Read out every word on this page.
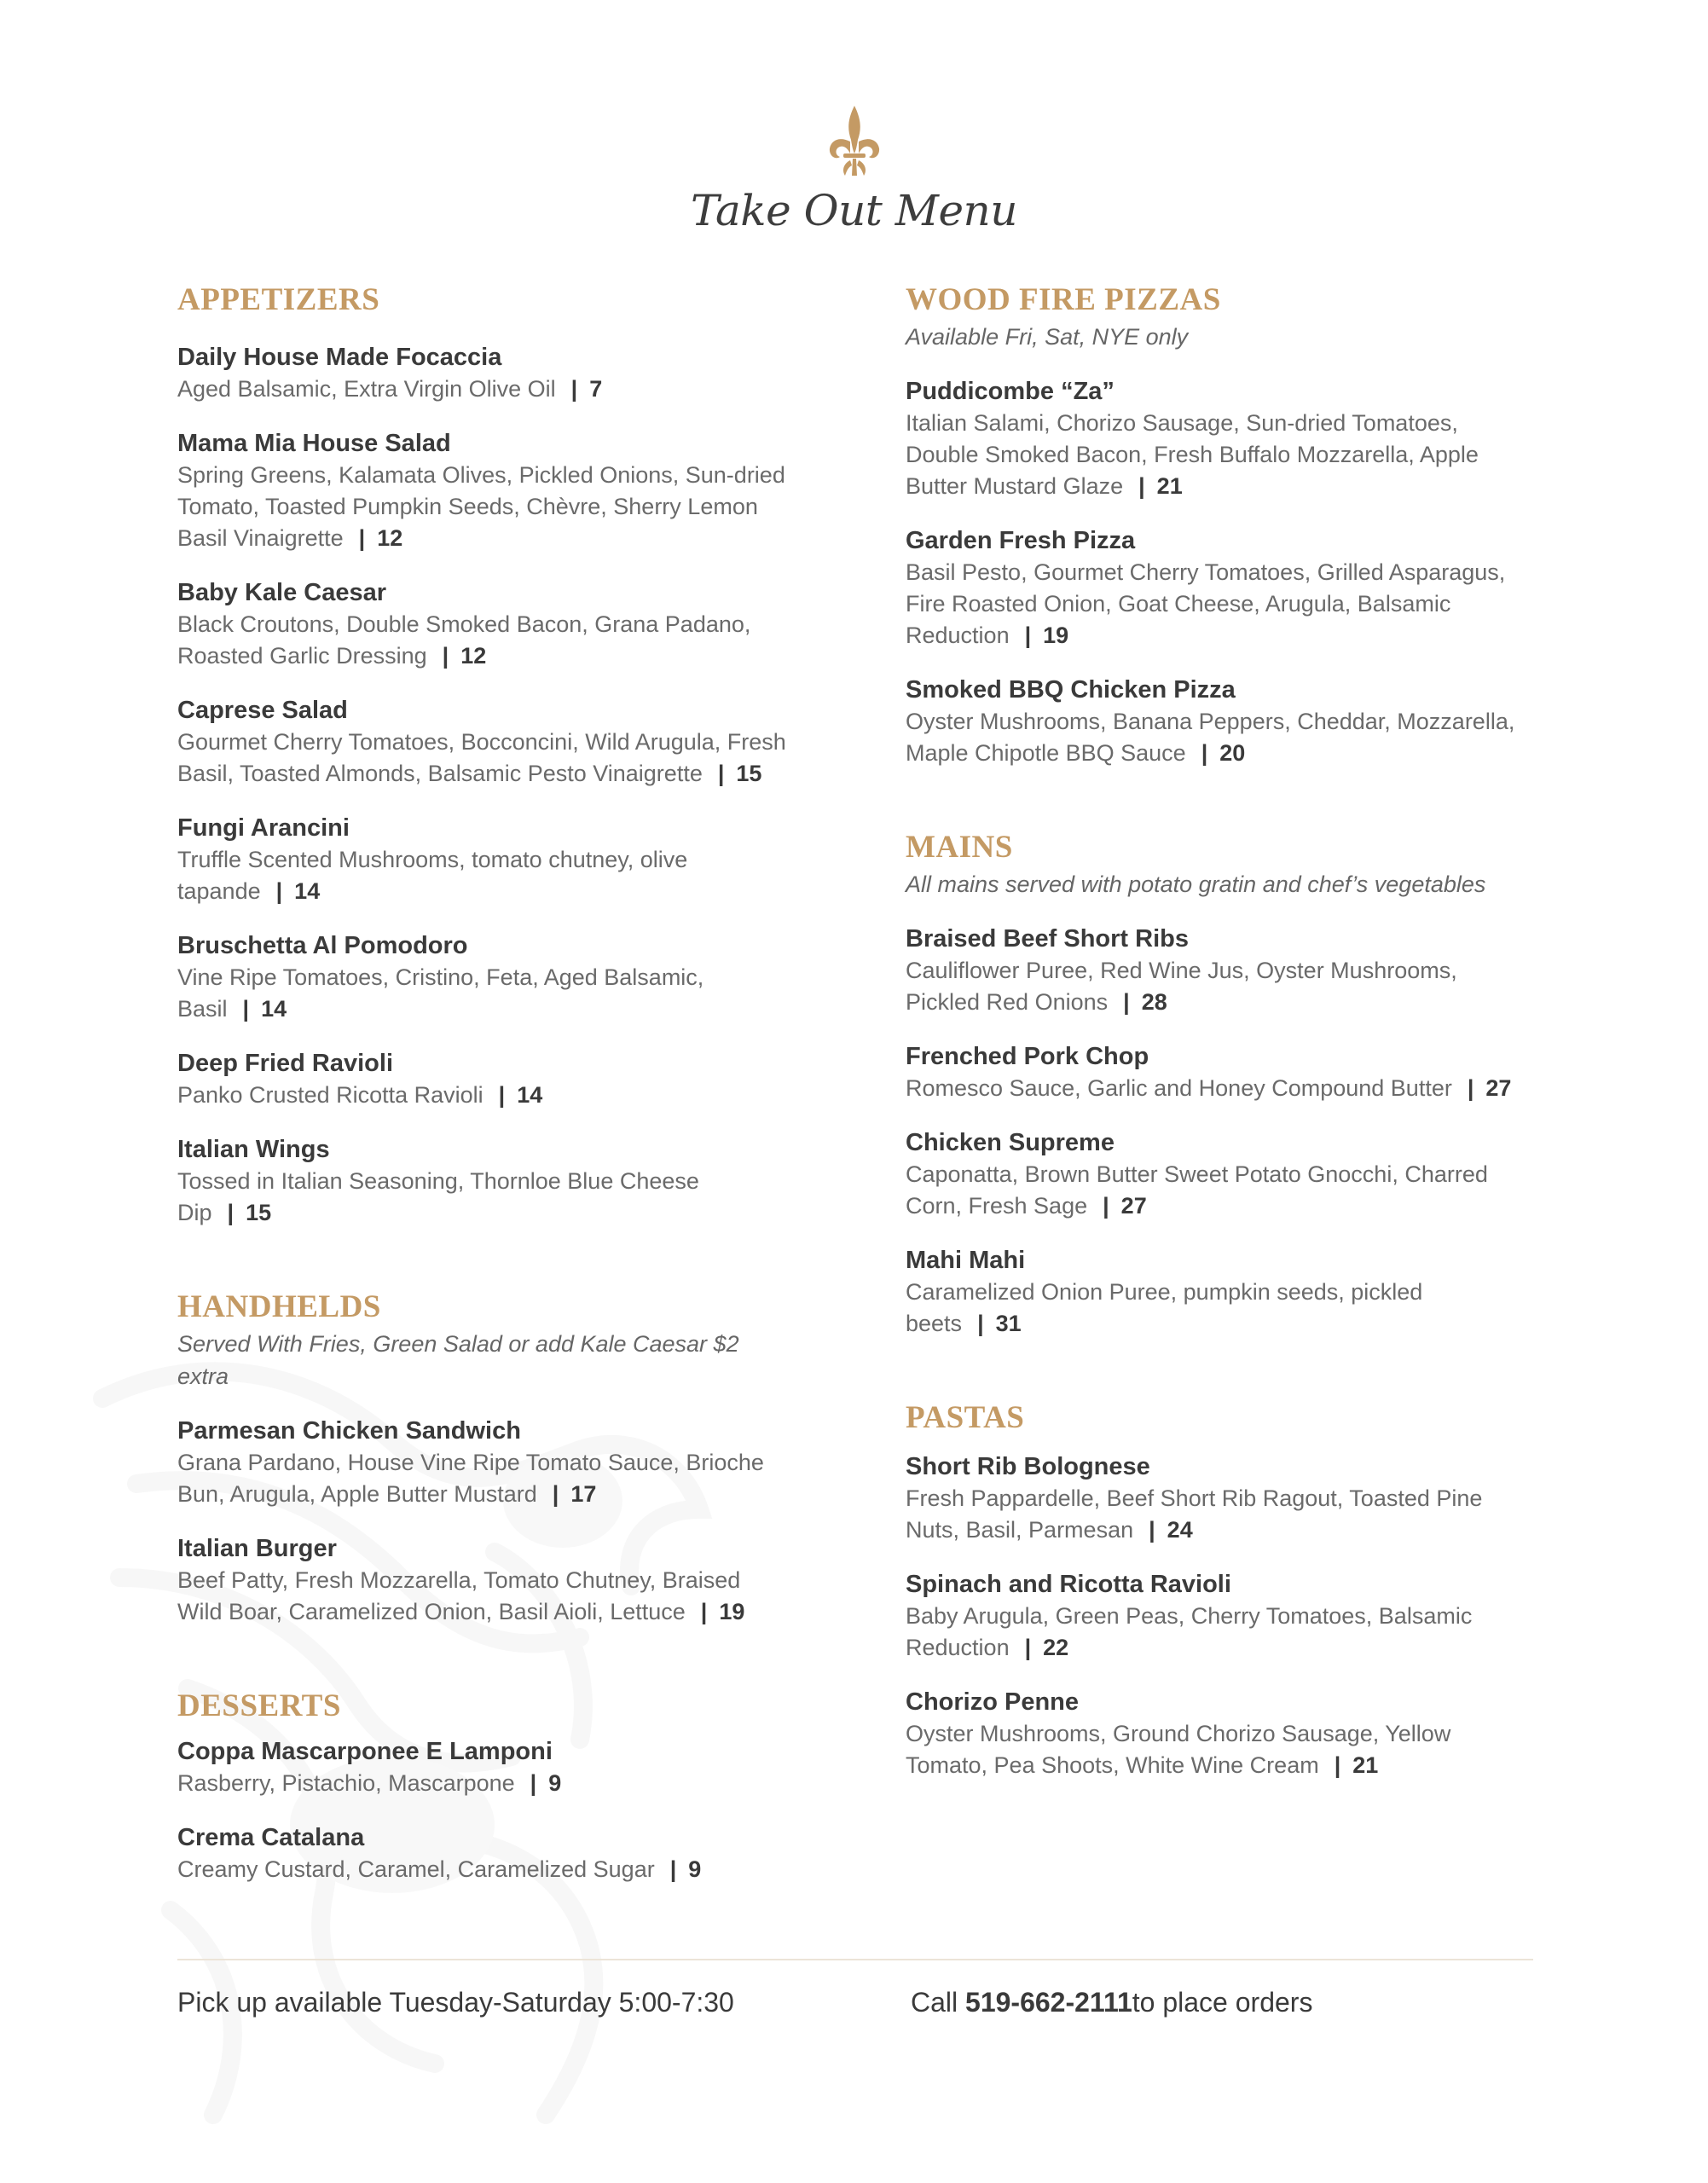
Take Out Menu
APPETIZERS
Daily House Made Focaccia
Aged Balsamic, Extra Virgin Olive Oil | 7
Mama Mia House Salad
Spring Greens, Kalamata Olives, Pickled Onions, Sun-dried Tomato, Toasted Pumpkin Seeds, Chèvre, Sherry Lemon Basil Vinaigrette | 12
Baby Kale Caesar
Black Croutons, Double Smoked Bacon, Grana Padano, Roasted Garlic Dressing | 12
Caprese Salad
Gourmet Cherry Tomatoes, Bocconcini, Wild Arugula, Fresh Basil, Toasted Almonds, Balsamic Pesto Vinaigrette | 15
Fungi Arancini
Truffle Scented Mushrooms, tomato chutney, olive tapande | 14
Bruschetta Al Pomodoro
Vine Ripe Tomatoes, Cristino, Feta, Aged Balsamic, Basil | 14
Deep Fried Ravioli
Panko Crusted Ricotta Ravioli | 14
Italian Wings
Tossed in Italian Seasoning, Thornloe Blue Cheese Dip | 15
HANDHELDS
Served With Fries, Green Salad or add Kale Caesar $2 extra
Parmesan Chicken Sandwich
Grana Pardano, House Vine Ripe Tomato Sauce, Brioche Bun, Arugula, Apple Butter Mustard | 17
Italian Burger
Beef Patty, Fresh Mozzarella, Tomato Chutney, Braised Wild Boar, Caramelized Onion, Basil Aioli, Lettuce | 19
DESSERTS
Coppa Mascarponee E Lamponi
Rasberry, Pistachio, Mascarpone | 9
Crema Catalana
Creamy Custard, Caramel, Caramelized Sugar | 9
WOOD FIRE PIZZAS
Available Fri, Sat, NYE only
Puddicombe “Za”
Italian Salami, Chorizo Sausage, Sun-dried Tomatoes, Double Smoked Bacon, Fresh Buffalo Mozzarella, Apple Butter Mustard Glaze | 21
Garden Fresh Pizza
Basil Pesto, Gourmet Cherry Tomatoes, Grilled Asparagus, Fire Roasted Onion, Goat Cheese, Arugula, Balsamic Reduction | 19
Smoked BBQ Chicken Pizza
Oyster Mushrooms, Banana Peppers, Cheddar, Mozzarella, Maple Chipotle BBQ Sauce | 20
MAINS
All mains served with potato gratin and chef’s vegetables
Braised Beef Short Ribs
Cauliflower Puree, Red Wine Jus, Oyster Mushrooms, Pickled Red Onions | 28
Frenched Pork Chop
Romesco Sauce, Garlic and Honey Compound Butter | 27
Chicken Supreme
Caponatta, Brown Butter Sweet Potato Gnocchi, Charred Corn, Fresh Sage | 27
Mahi Mahi
Caramelized Onion Puree, pumpkin seeds, pickled beets | 31
PASTAS
Short Rib Bolognese
Fresh Pappardelle, Beef Short Rib Ragout, Toasted Pine Nuts, Basil, Parmesan | 24
Spinach and Ricotta Ravioli
Baby Arugula, Green Peas, Cherry Tomatoes, Balsamic Reduction | 22
Chorizo Penne
Oyster Mushrooms, Ground Chorizo Sausage, Yellow Tomato, Pea Shoots, White Wine Cream | 21
Pick up available Tuesday-Saturday 5:00-7:30	Call 519-662-2111to place orders
